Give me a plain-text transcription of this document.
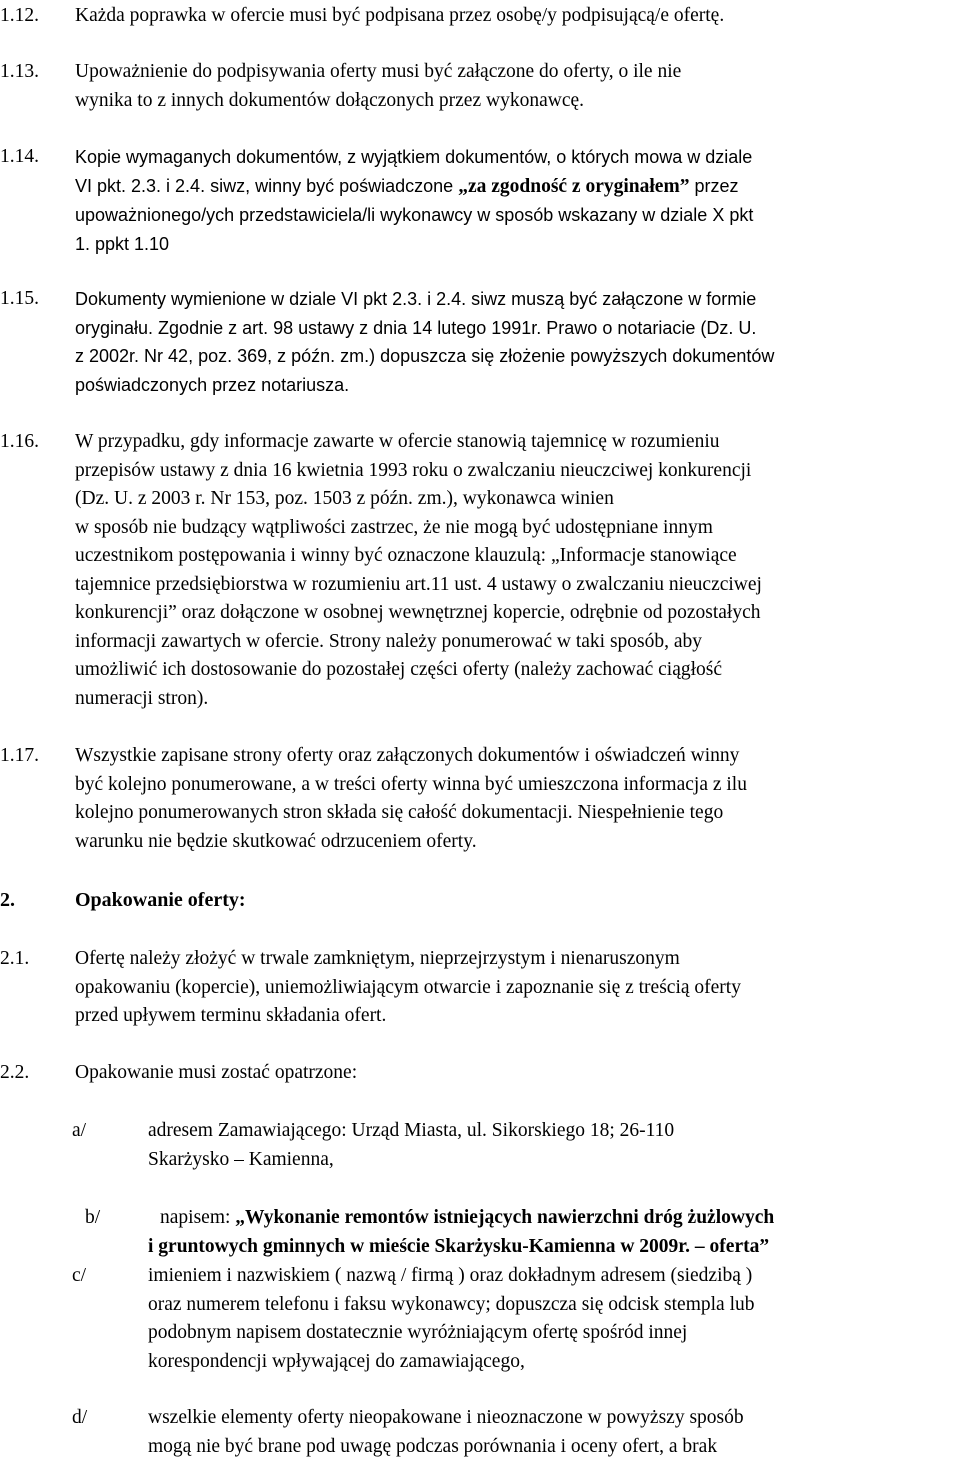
1.12.	Każda poprawka w ofercie musi być podpisana przez osobę/y podpisującą/e ofertę.
1.13.	Upoważnienie do podpisywania oferty musi być załączone do oferty, o ile nie
wynika to z innych dokumentów dołączonych przez wykonawcę.
1.14.	Kopie wymaganych dokumentów, z wyjątkiem dokumentów, o których mowa w dziale
VI pkt. 2.3. i 2.4. siwz, winny być poświadczone „za zgodność z oryginałem” przez
upoważnionego/ych przedstawiciela/li wykonawcy w sposób wskazany w dziale X pkt
1. ppkt 1.10
1.15.	Dokumenty wymienione w dziale VI pkt 2.3. i 2.4. siwz muszą być załączone w formie
oryginału. Zgodnie z art. 98 ustawy z dnia 14 lutego 1991r. Prawo o notariacie (Dz. U.
z 2002r. Nr 42, poz. 369, z późn. zm.) dopuszcza się złożenie powyższych dokumentów
poświadczonych przez notariusza.
1.16.	W przypadku, gdy informacje zawarte w ofercie stanowią tajemnicę w rozumieniu
przepisów ustawy z dnia 16 kwietnia 1993 roku o zwalczaniu nieuczciwej konkurencji
(Dz. U. z 2003 r. Nr 153, poz. 1503 z późn. zm.), wykonawca winien
w sposób nie budzący wątpliwości zastrzec, że nie mogą być udostępniane innym
uczestnikom postępowania i winny być oznaczone klauzulą: „Informacje stanowiące
tajemnice przedsiębiorstwa w rozumieniu art.11 ust. 4 ustawy o zwalczaniu nieuczciwej
konkurencji” oraz dołączone w osobnej wewnętrznej kopercie, odrębnie od pozostałych
informacji zawartych w ofercie. Strony należy ponumerować w taki sposób, aby
umożliwić ich dostosowanie do pozostałej części oferty (należy zachować ciągłość
numeracji stron).
1.17.	Wszystkie zapisane strony oferty oraz załączonych dokumentów i oświadczeń winny
być kolejno ponumerowane, a w treści oferty winna być umieszczona informacja z ilu
kolejno ponumerowanych stron składa się całość dokumentacji. Niespełnienie tego
warunku nie będzie skutkować odrzuceniem oferty.
2.	Opakowanie oferty:
2.1.	Ofertę należy złożyć w trwale zamkniętym, nieprzejrzystym i nienaruszonym
opakowaniu (kopercie), uniemożliwiającym otwarcie i zapoznanie się z treścią oferty
przed upływem terminu składania ofert.
2.2.	Opakowanie musi zostać opatrzone:
a/	adresem Zamawiającego: Urząd Miasta, ul. Sikorskiego 18; 26-110
Skarżysko – Kamienna,
b/	napisem: „Wykonanie remontów istniejących nawierzchni dróg żużlowych
i gruntowych gminnych w mieście Skarżysku-Kamienna w 2009r. – oferta”
c/	imieniem i nazwiskiem ( nazwą / firmą ) oraz dokładnym adresem (siedzibą )
oraz numerem telefonu i faksu wykonawcy; dopuszcza się odcisk stempla lub
podobnym napisem dostatecznie wyróżniającym ofertę spośród innej
korespondencji wpływającej do zamawiającego,
d/	wszelkie elementy oferty nieopakowane i nieoznaczone w powyższy sposób
mogą nie być brane pod uwagę podczas porównania i oceny ofert, a brak
